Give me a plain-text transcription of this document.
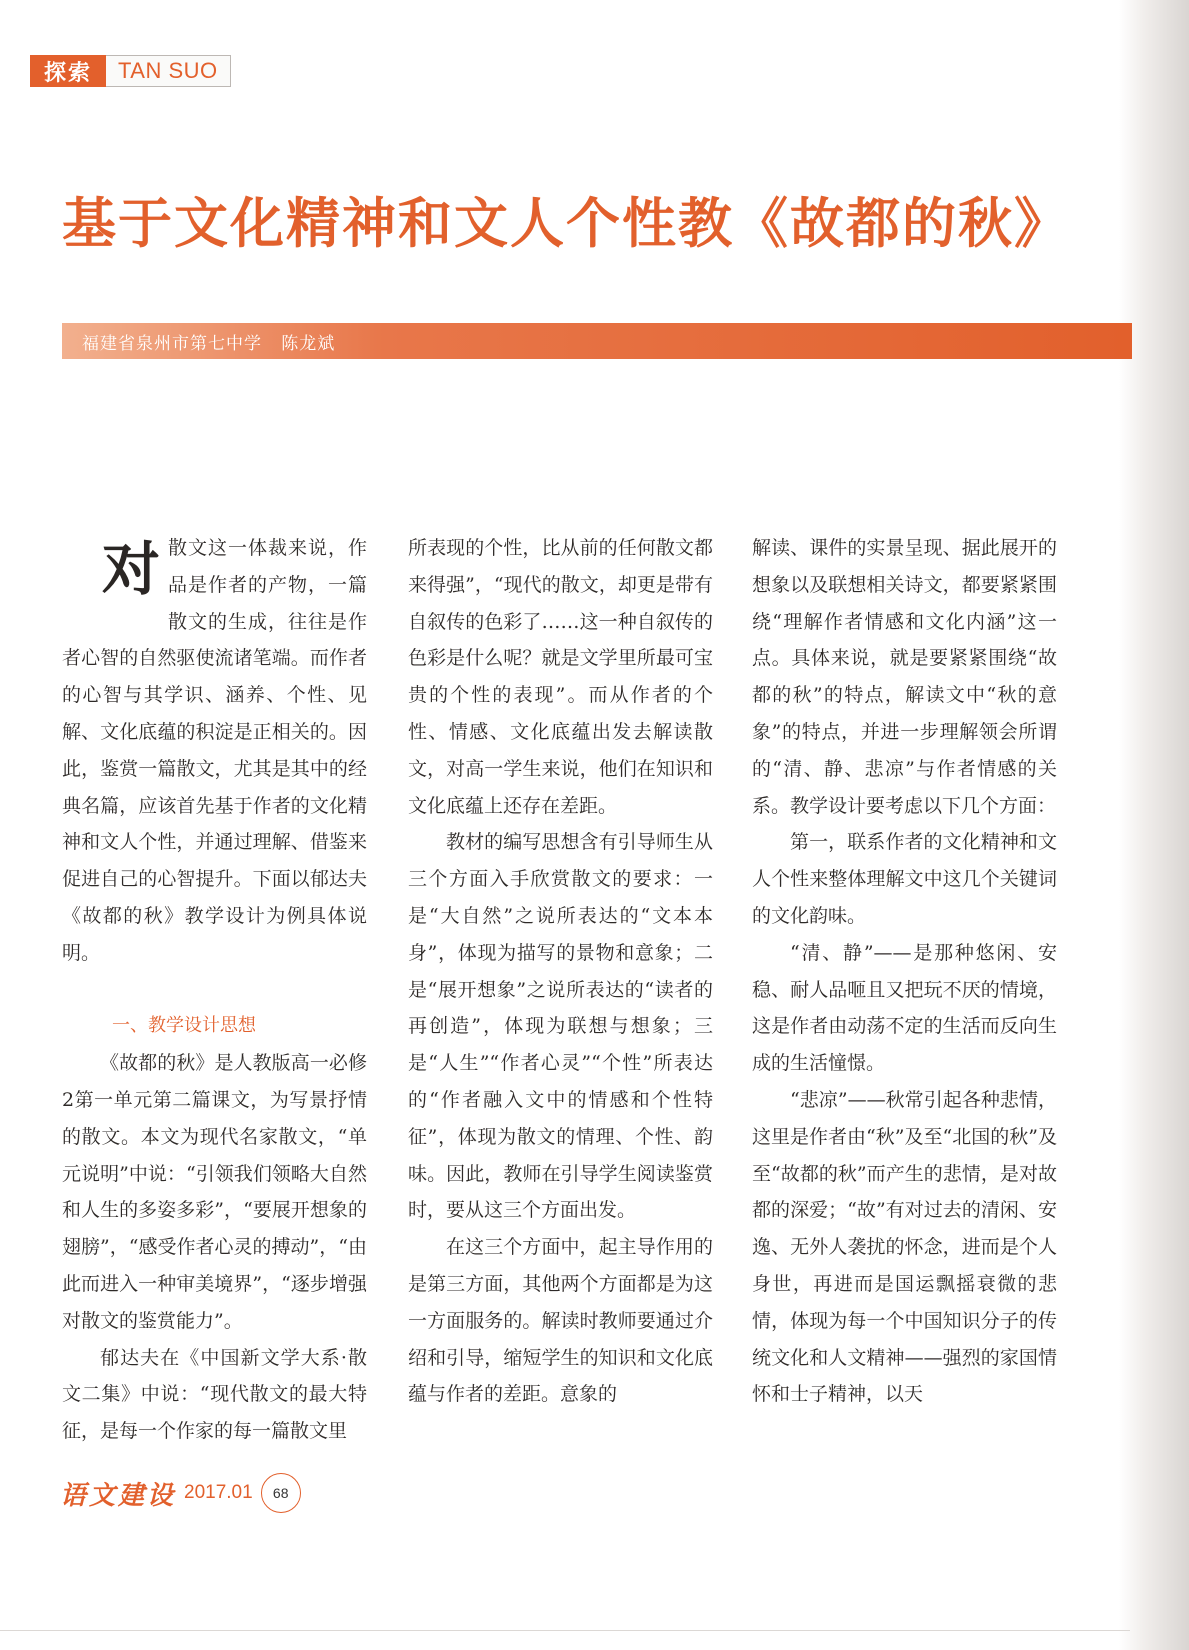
探索	TAN SUO
基于文化精神和文人个性教《故都的秋》
福建省泉州市第七中学   陈龙斌

对散文这一体裁来说，作品是作者的产物，一篇散文的生成，往往是作者心智的自然驱使流诸笔端。而作者的心智与其学识、涵养、个性、见解、文化底蕴的积淀是正相关的。因此，鉴赏一篇散文，尤其是其中的经典名篇，应该首先基于作者的文化精神和文人个性，并通过理解、借鉴来促进自己的心智提升。下面以郁达夫《故都的秋》教学设计为例具体说明。

一、教学设计思想

《故都的秋》是人教版高一必修2第一单元第二篇课文，为写景抒情的散文。本文为现代名家散文，“单元说明”中说：“引领我们领略大自然和人生的多姿多彩”，“要展开想象的翅膀”，“感受作者心灵的搏动”，“由此而进入一种审美境界”，“逐步增强对散文的鉴赏能力”。

郁达夫在《中国新文学大系·散文二集》中说：“现代散文的最大特征，是每一个作家的每一篇散文里

所表现的个性，比从前的任何散文都来得强”，“现代的散文，却更是带有自叙传的色彩了……这一种自叙传的色彩是什么呢？就是文学里所最可宝贵的个性的表现”。而从作者的个性、情感、文化底蕴出发去解读散文，对高一学生来说，他们在知识和文化底蕴上还存在差距。

教材的编写思想含有引导师生从三个方面入手欣赏散文的要求：一是“大自然”之说所表达的“文本本身”，体现为描写的景物和意象；二是“展开想象”之说所表达的“读者的再创造”，体现为联想与想象；三是“人生”“作者心灵”“个性”所表达的“作者融入文中的情感和个性特征”，体现为散文的情理、个性、韵味。因此，教师在引导学生阅读鉴赏时，要从这三个方面出发。

在这三个方面中，起主导作用的是第三方面，其他两个方面都是为这一方面服务的。解读时教师要通过介绍和引导，缩短学生的知识和文化底蕴与作者的差距。意象的

解读、课件的实景呈现、据此展开的想象以及联想相关诗文，都要紧紧围绕“理解作者情感和文化内涵”这一点。具体来说，就是要紧紧围绕“故都的秋”的特点，解读文中“秋的意象”的特点，并进一步理解领会所谓的“清、静、悲凉”与作者情感的关系。教学设计要考虑以下几个方面：

第一，联系作者的文化精神和文人个性来整体理解文中这几个关键词的文化韵味。

“清、静”——是那种悠闲、安稳、耐人品咂且又把玩不厌的情境，这是作者由动荡不定的生活而反向生成的生活憧憬。

“悲凉”——秋常引起各种悲情，这里是作者由“秋”及至“北国的秋”及至“故都的秋”而产生的悲情，是对故都的深爱；“故”有对过去的清闲、安逸、无外人袭扰的怀念，进而是个人身世，再进而是国运飘摇衰微的悲情，体现为每一个中国知识分子的传统文化和人文精神——强烈的家国情怀和士子精神，以天

语文建设 2017.01	68
